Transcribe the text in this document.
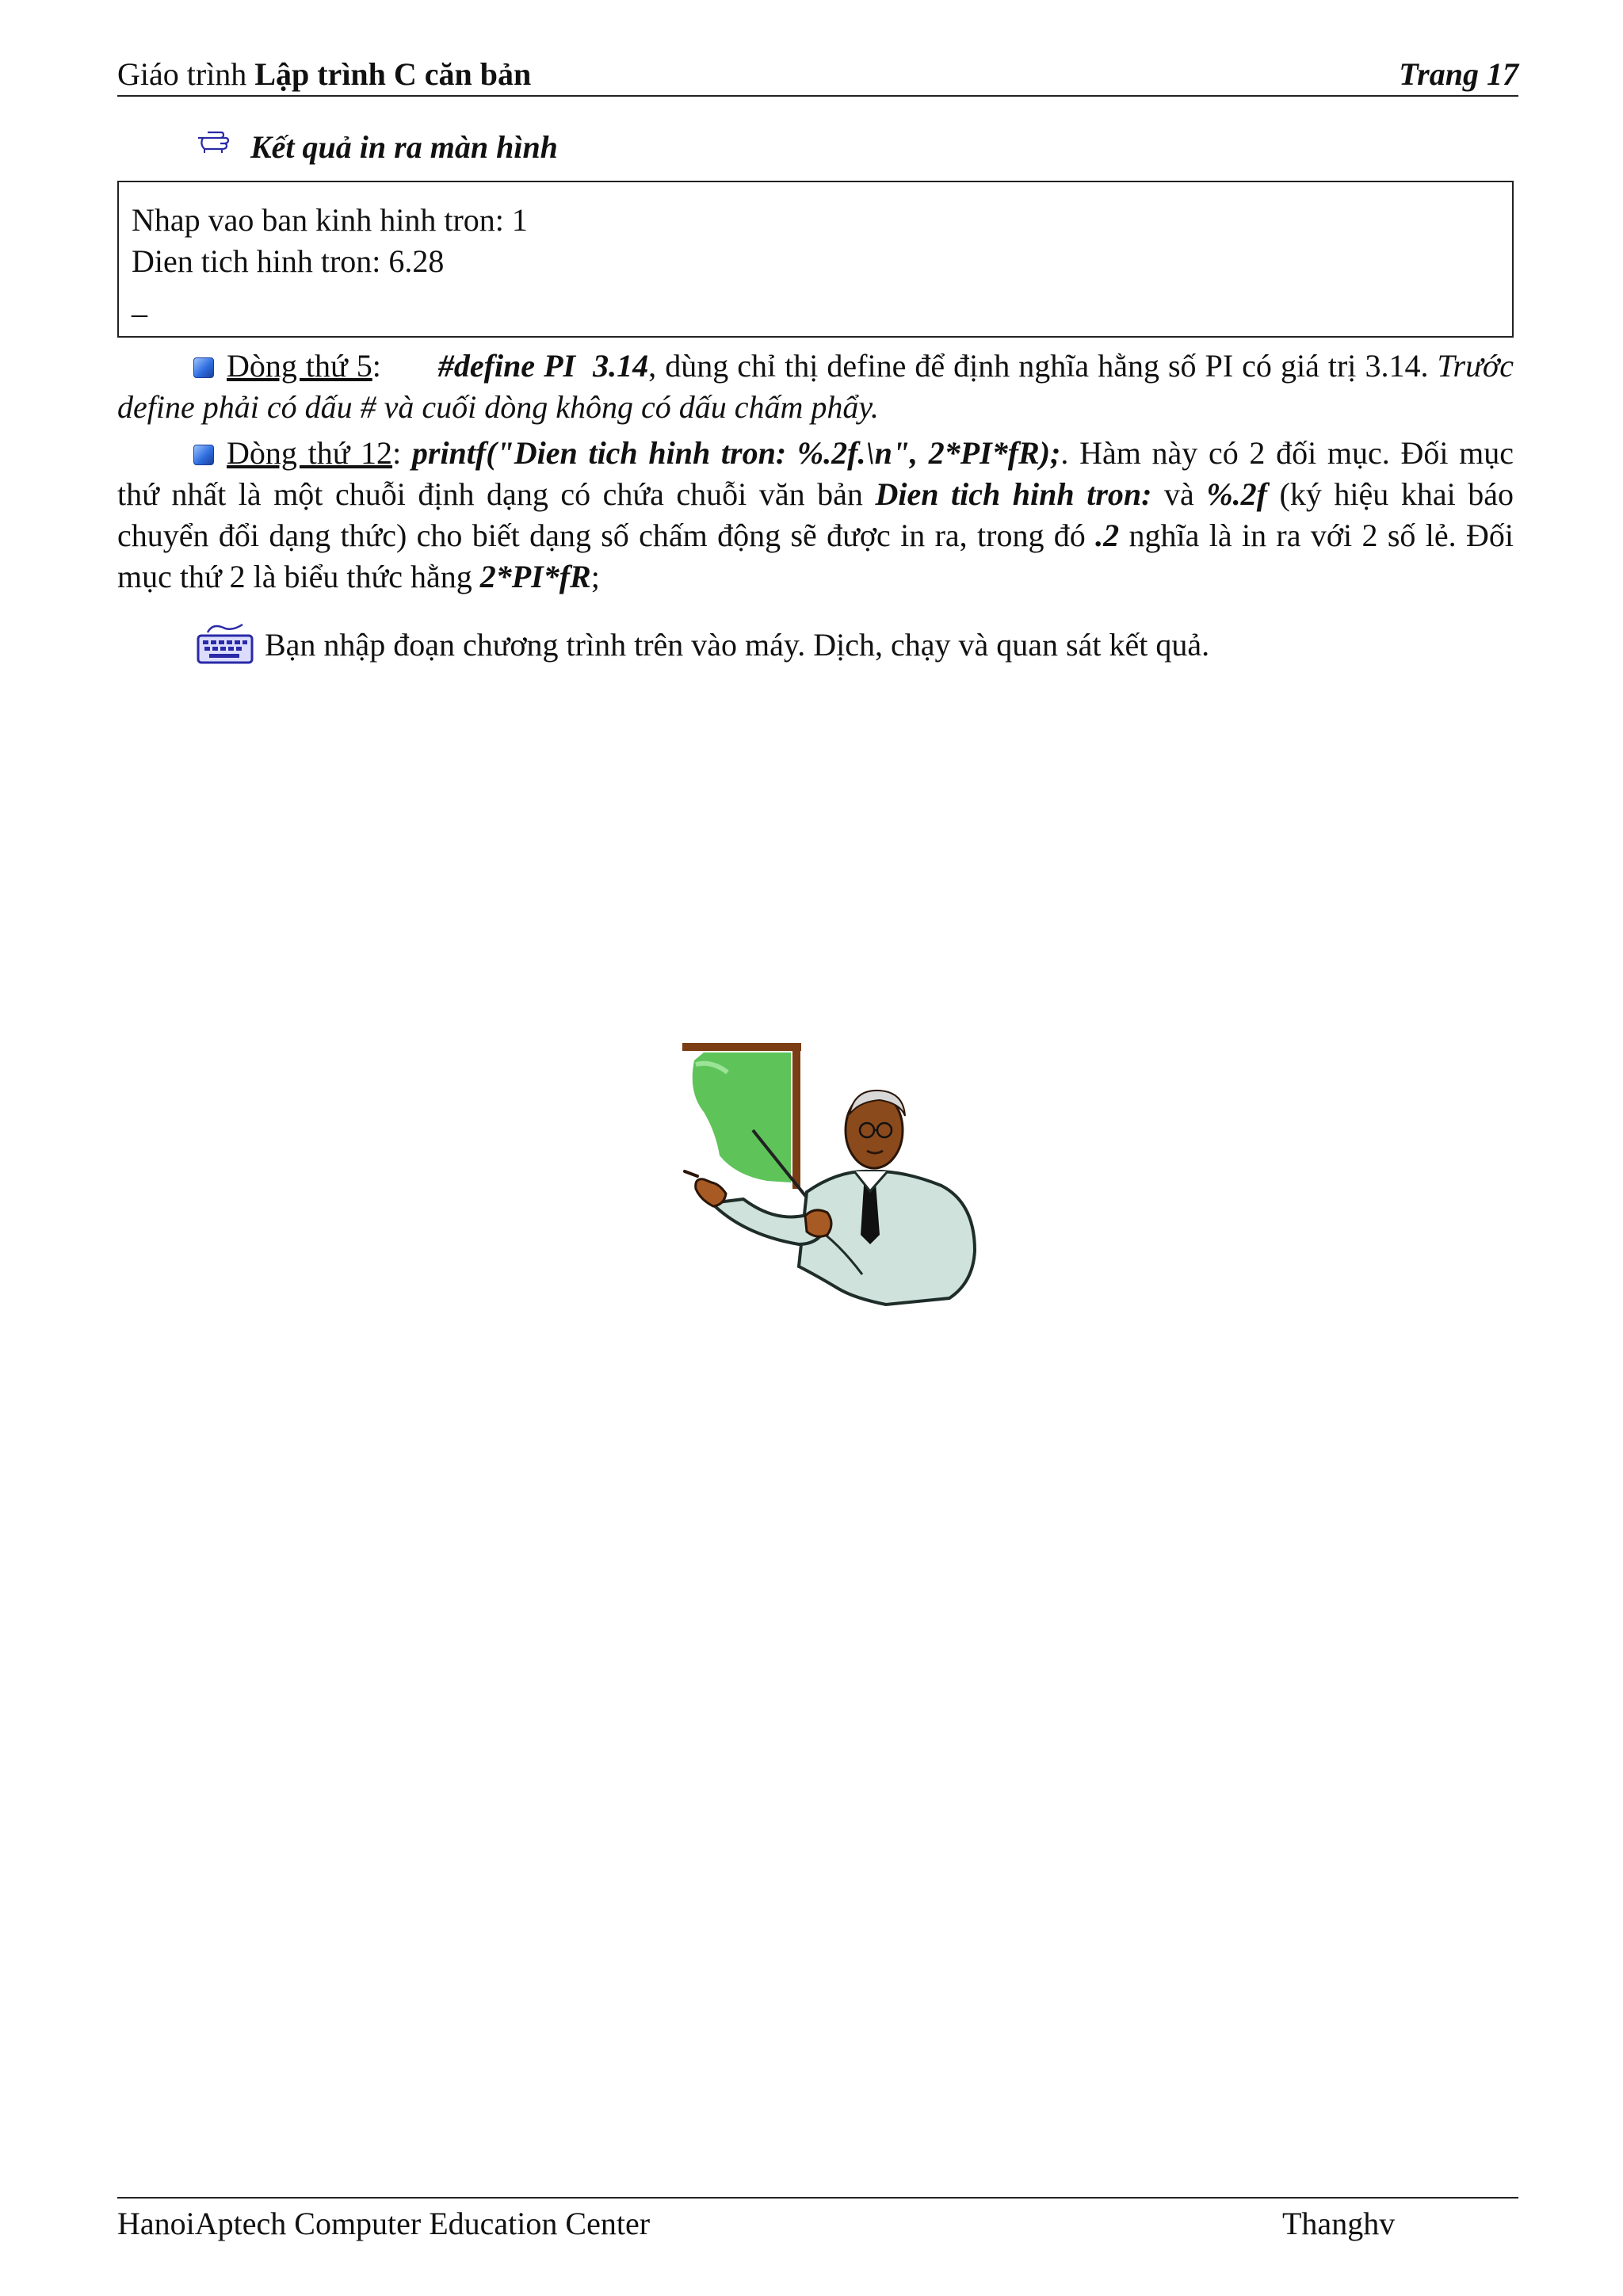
Giáo trình Lập trình C căn bản	Trang 17
Kết quả in ra màn hình
Nhap vao ban kinh hinh tron: 1
Dien tich hinh tron: 6.28
_
Dòng thứ 5: #define PI  3.14, dùng chỉ thị define để định nghĩa hằng số PI có giá trị 3.14. Trước define phải có dấu # và cuối dòng không có dấu chấm phẩy.
Dòng thứ 12: printf("Dien tich hinh tron: %.2f.\n", 2*PI*fR);. Hàm này có 2 đối mục. Đối mục thứ nhất là một chuỗi định dạng có chứa chuỗi văn bản Dien tich hinh tron: và %.2f (ký hiệu khai báo chuyển đổi dạng thức) cho biết dạng số chấm động sẽ được in ra, trong đó .2 nghĩa là in ra với 2 số lẻ. Đối mục thứ 2 là biểu thức hằng 2*PI*fR;
Bạn nhập đoạn chương trình trên vào máy. Dịch, chạy và quan sát kết quả.
HanoiAptech Computer Education Center	Thanghv
